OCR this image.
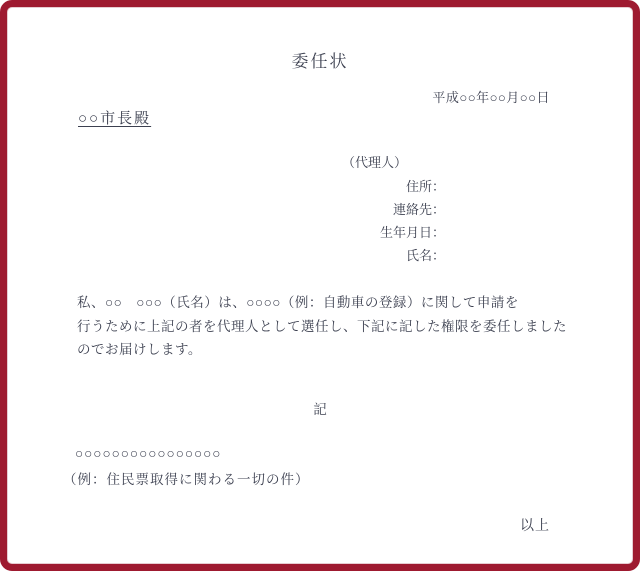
委任状
平成○○年○○月○○日
○○市長殿
（代理人）
住所：
連絡先：
生年月日：
氏名：
私、○○　○○○（氏名）は、○○○○（例：自動車の登録）に関して申請を
行うために上記の者を代理人として選任し、下記に記した権限を委任しました
のでお届けします。
記
○○○○○○○○○○○○○○○○
（例：住民票取得に関わる一切の件）
以上
